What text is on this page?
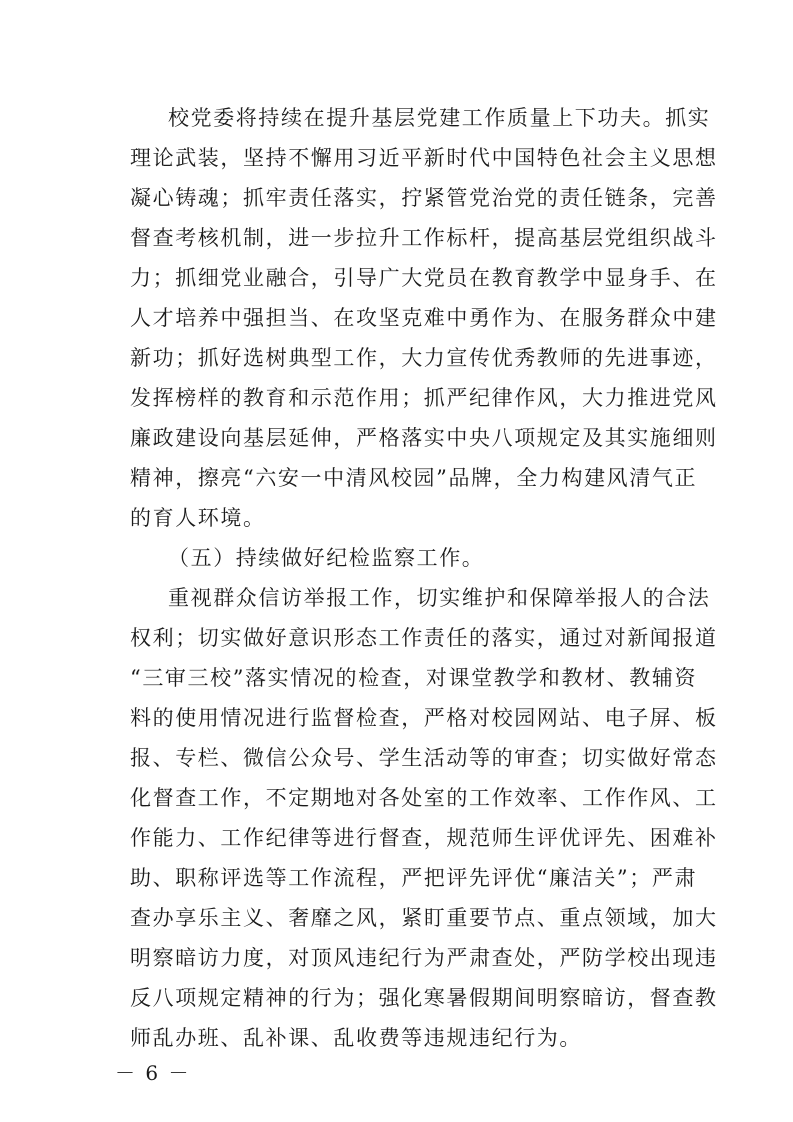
校党委将持续在提升基层党建工作质量上下功夫。抓实
理论武装，坚持不懈用习近平新时代中国特色社会主义思想
凝心铸魂；抓牢责任落实，拧紧管党治党的责任链条，完善
督查考核机制，进一步拉升工作标杆，提高基层党组织战斗
力；抓细党业融合，引导广大党员在教育教学中显身手、在
人才培养中强担当、在攻坚克难中勇作为、在服务群众中建
新功；抓好选树典型工作，大力宣传优秀教师的先进事迹，
发挥榜样的教育和示范作用；抓严纪律作风，大力推进党风
廉政建设向基层延伸，严格落实中央八项规定及其实施细则
精神，擦亮“六安一中清风校园”品牌，全力构建风清气正
的育人环境。
（五）持续做好纪检监察工作。
重视群众信访举报工作，切实维护和保障举报人的合法
权利；切实做好意识形态工作责任的落实，通过对新闻报道
“三审三校”落实情况的检查，对课堂教学和教材、教辅资
料的使用情况进行监督检查，严格对校园网站、电子屏、板
报、专栏、微信公众号、学生活动等的审查；切实做好常态
化督查工作，不定期地对各处室的工作效率、工作作风、工
作能力、工作纪律等进行督查，规范师生评优评先、困难补
助、职称评选等工作流程，严把评先评优“廉洁关”；严肃
查办享乐主义、奢靡之风，紧盯重要节点、重点领域，加大
明察暗访力度，对顶风违纪行为严肃查处，严防学校出现违
反八项规定精神的行为；强化寒暑假期间明察暗访，督查教
师乱办班、乱补课、乱收费等违规违纪行为。
－ 6 －
